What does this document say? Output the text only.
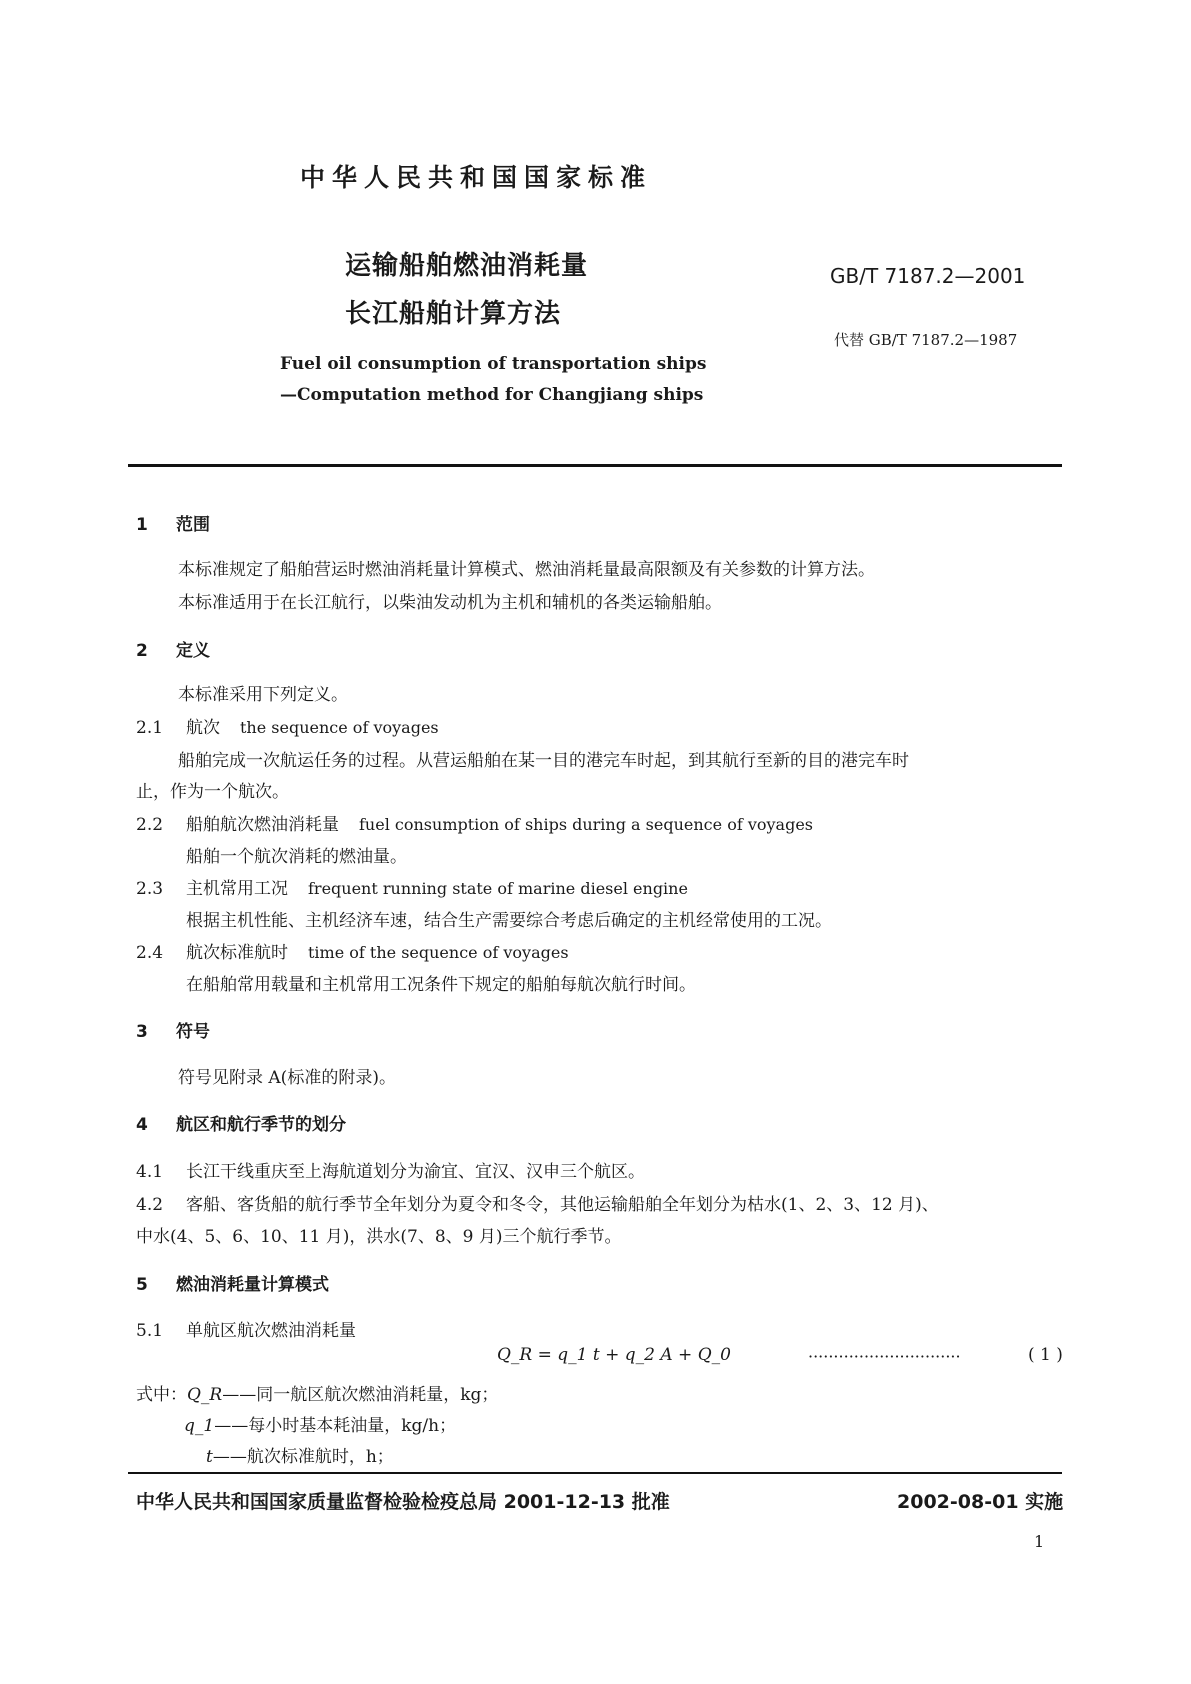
中华人民共和国国家标准
运输船舶燃油消耗量
长江船舶计算方法
GB/T 7187.2—2001
代替 GB/T 7187.2—1987
Fuel oil consumption of transportation ships
—Computation method for Changjiang ships
1 范围
本标准规定了船舶营运时燃油消耗量计算模式、燃油消耗量最高限额及有关参数的计算方法。
本标准适用于在长江航行，以柴油发动机为主机和辅机的各类运输船舶。
2 定义
本标准采用下列定义。
2.1 航次 the sequence of voyages
船舶完成一次航运任务的过程。从营运船舶在某一目的港完车时起，到其航行至新的目的港完车时
止，作为一个航次。
2.2 船舶航次燃油消耗量 fuel consumption of ships during a sequence of voyages
船舶一个航次消耗的燃油量。
2.3 主机常用工况 frequent running state of marine diesel engine
根据主机性能、主机经济车速，结合生产需要综合考虑后确定的主机经常使用的工况。
2.4 航次标准航时 time of the sequence of voyages
在船舶常用载量和主机常用工况条件下规定的船舶每航次航行时间。
3 符号
符号见附录 A(标准的附录)。
4 航区和航行季节的划分
4.1 长江干线重庆至上海航道划分为渝宜、宜汉、汉申三个航区。
4.2 客船、客货船的航行季节全年划分为夏令和冬令，其他运输船舶全年划分为枯水(1、2、3、12 月)、
中水(4、5、6、10、11 月)，洪水(7、8、9 月)三个航行季节。
5 燃油消耗量计算模式
5.1 单航区航次燃油消耗量
Q_R = q_1 t + q_2 A + Q_0	······························	( 1 )
式中：Q_R——同一航区航次燃油消耗量，kg；
q_1——每小时基本耗油量，kg/h；
t——航次标准航时，h；
中华人民共和国国家质量监督检验检疫总局 2001-12-13 批准	2002-08-01 实施
1
